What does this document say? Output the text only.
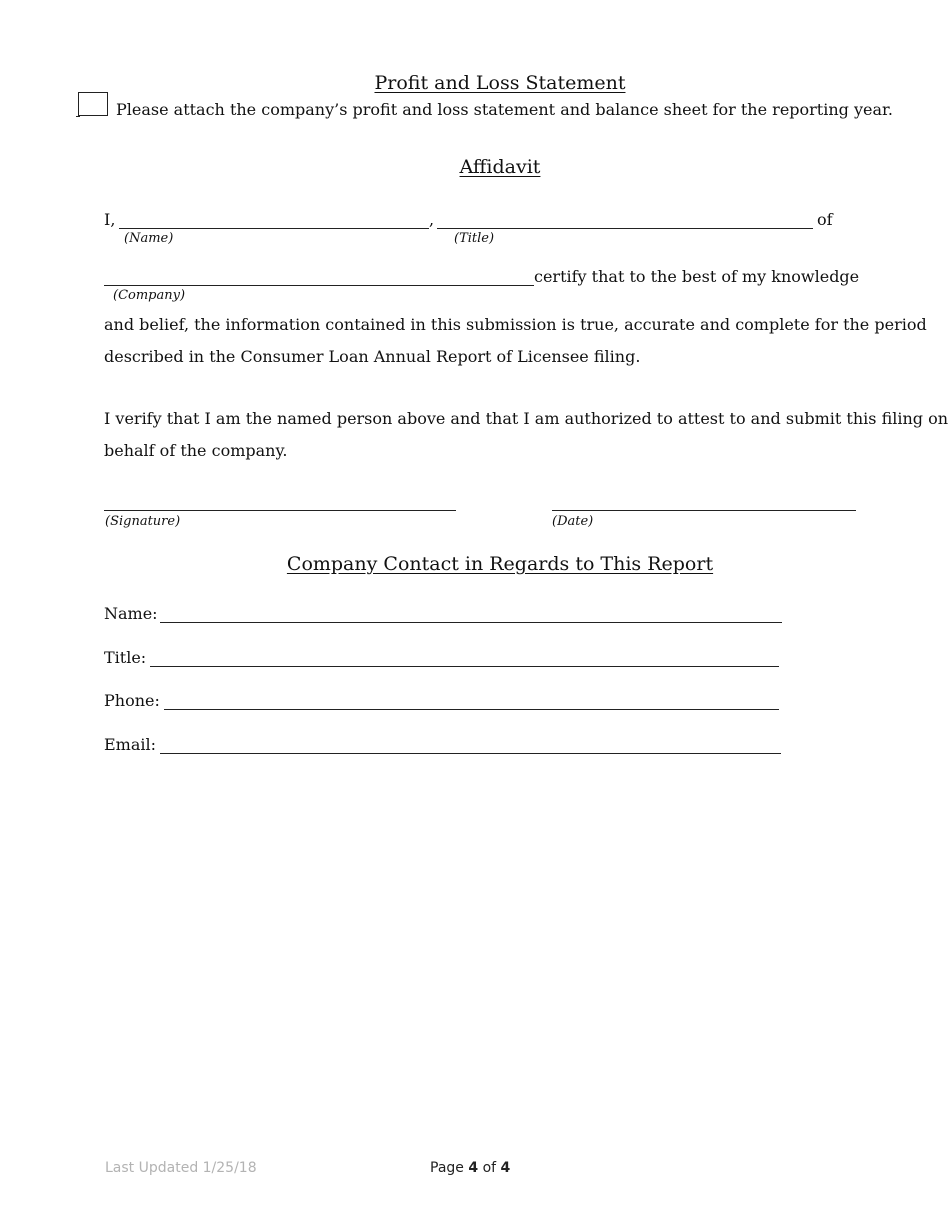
Profit and Loss Statement
Please attach the company’s profit and loss statement and balance sheet for the reporting year.
Affidavit
I,	,	of
(Name)	(Title)
certify that to the best of my knowledge
(Company)
and belief, the information contained in this submission is true, accurate and complete for the period
described in the Consumer Loan Annual Report of Licensee filing.
I verify that I am the named person above and that I am authorized to attest to and submit this filing on
behalf of the company.
(Signature)	(Date)
Company Contact in Regards to This Report
Name:
Title:
Phone:
Email:
Last Updated 1/25/18	Page 4 of 4
